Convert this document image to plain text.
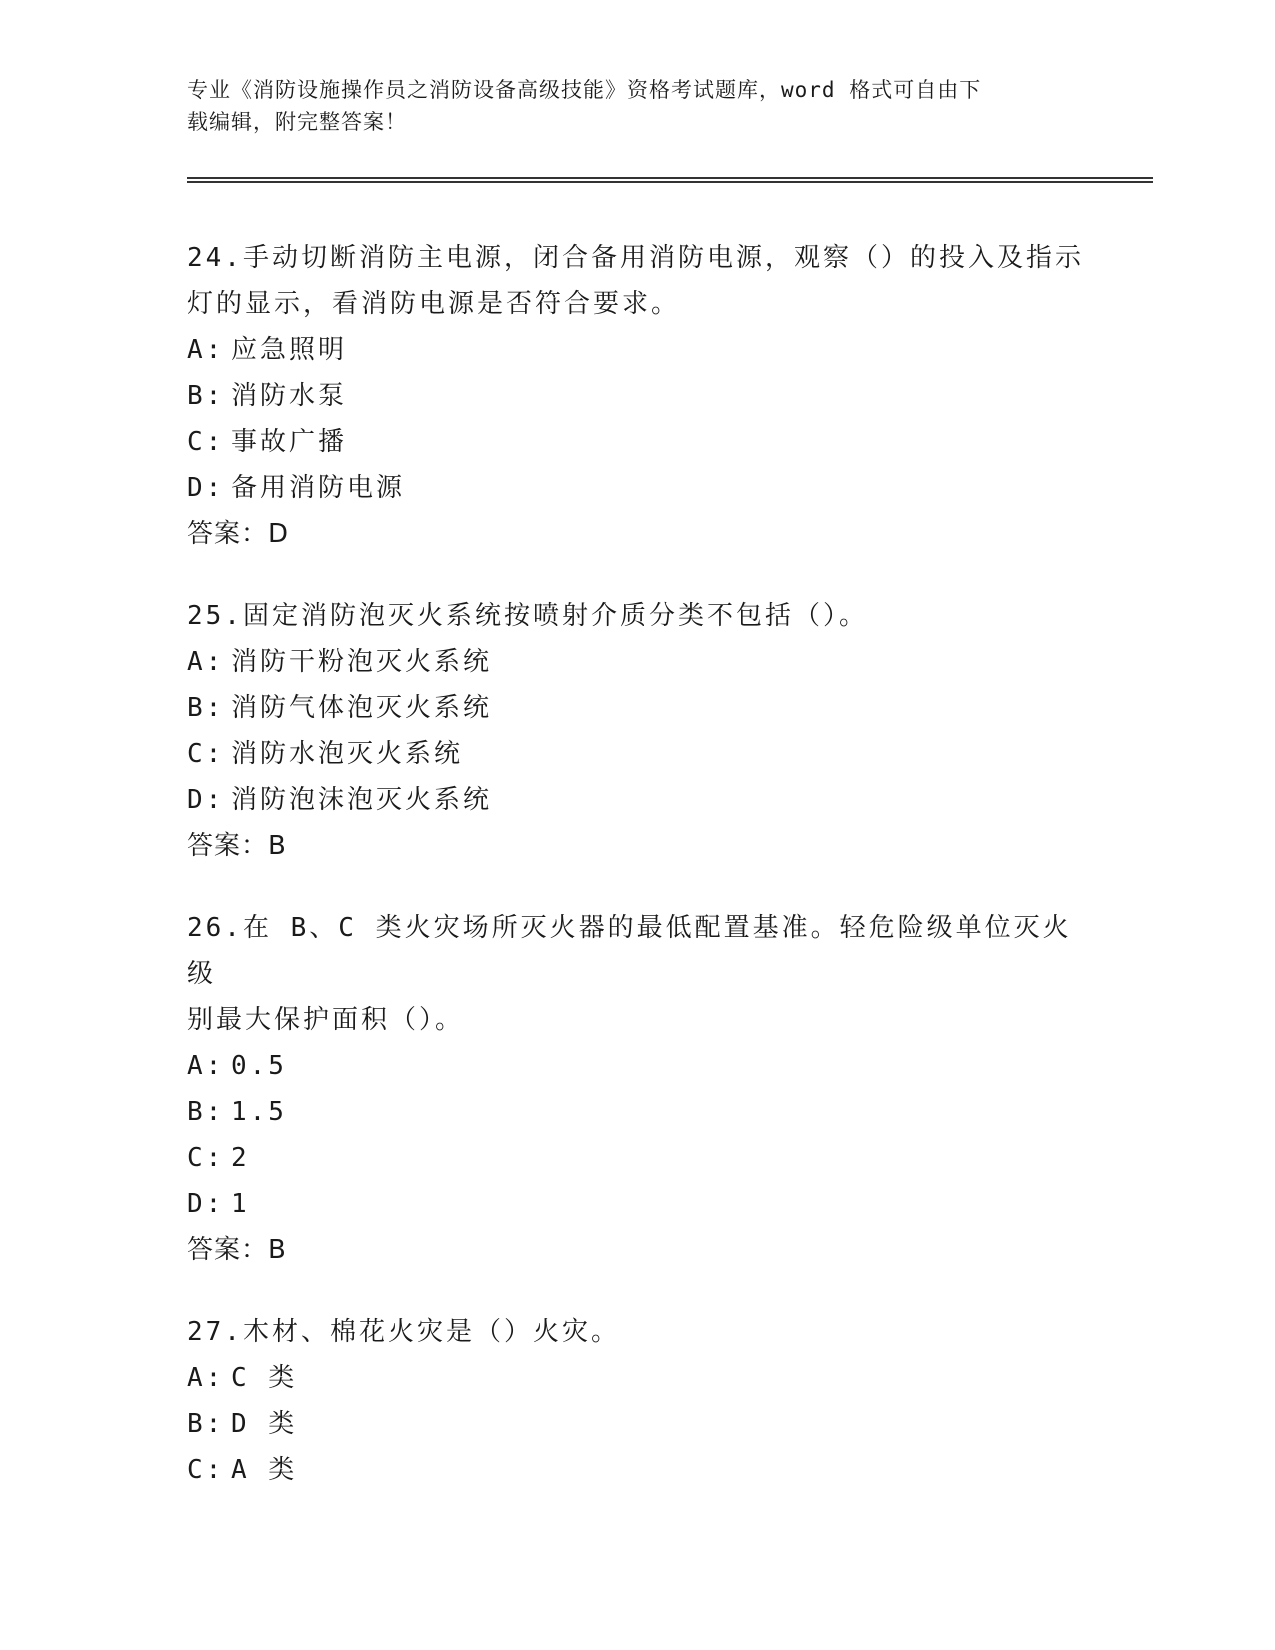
专业《消防设施操作员之消防设备高级技能》资格考试题库，word 格式可自由下
载编辑，附完整答案！

24.手动切断消防主电源，闭合备用消防电源，观察（）的投入及指示

灯的显示，看消防电源是否符合要求。

A: 应急照明

B: 消防水泵

C: 事故广播

D: 备用消防电源

答案：D

25.固定消防泡灭火系统按喷射介质分类不包括（）。

A: 消防干粉泡灭火系统

B: 消防气体泡灭火系统

C: 消防水泡灭火系统

D: 消防泡沫泡灭火系统

答案：B

26.在 B、C 类火灾场所灭火器的最低配置基准。轻危险级单位灭火级

别最大保护面积（）。

A: 0.5

B: 1.5

C: 2

D: 1

答案：B

27.木材、棉花火灾是（）火灾。

A: C 类

B: D 类

C: A 类
